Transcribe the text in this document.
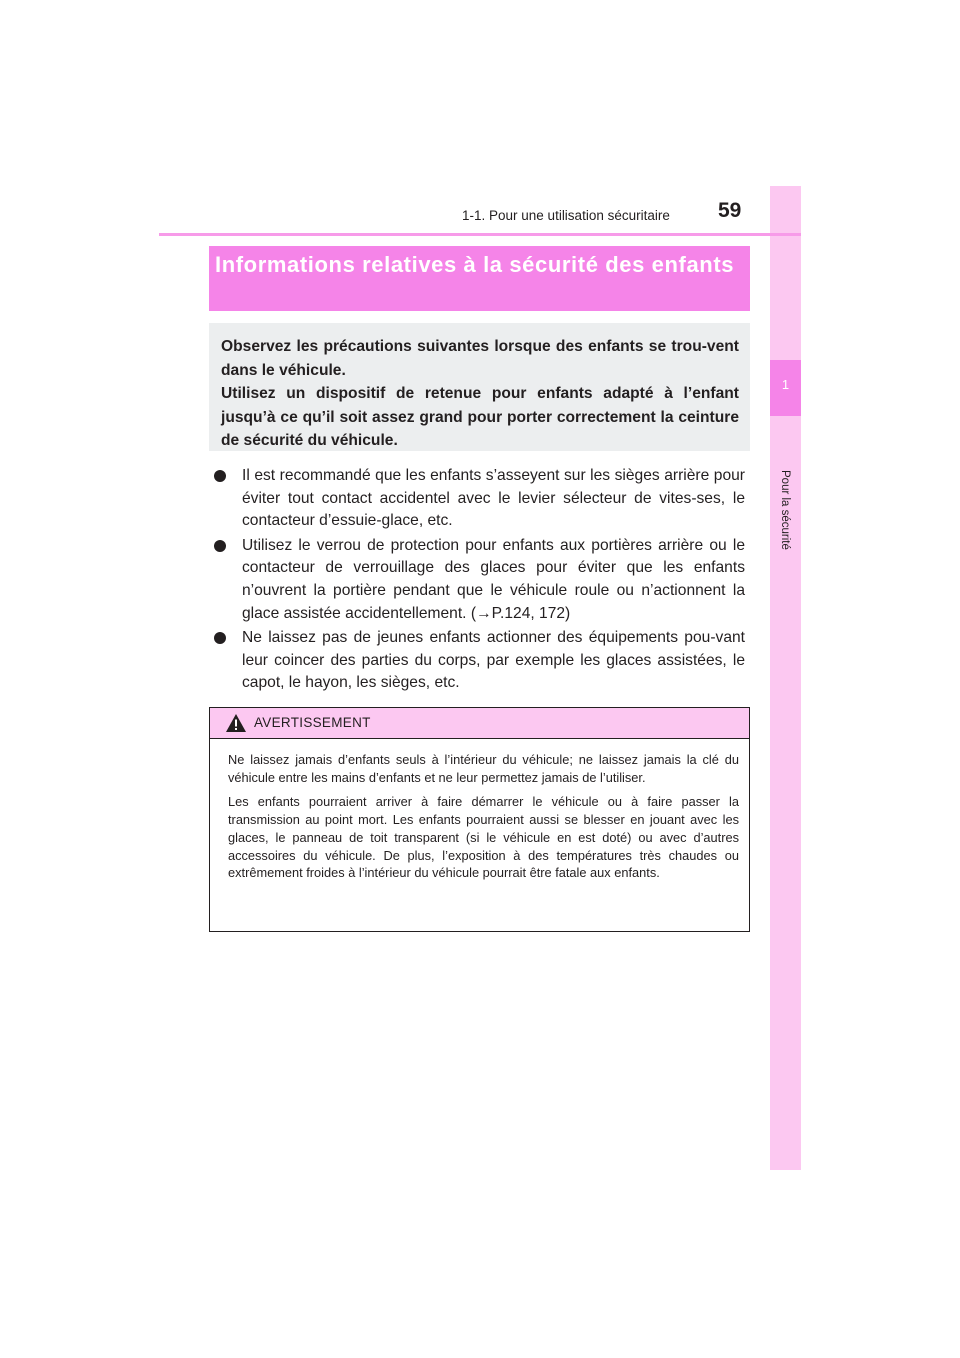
1
Pour la sécurité
1-1. Pour une utilisation sécuritaire 59
Informations relatives à la sécurité des enfants

Observez les précautions suivantes lorsque des enfants se trou-vent dans le véhicule.

Utilisez un dispositif de retenue pour enfants adapté à l’enfant jusqu’à ce qu’il soit assez grand pour porter correctement la ceinture de sécurité du véhicule.

Il est recommandé que les enfants s’asseyent sur les sièges arrière pour éviter tout contact accidentel avec le levier sélecteur de vites-ses, le contacteur d’essuie-glace, etc.
Utilisez le verrou de protection pour enfants aux portières arrière ou le contacteur de verrouillage des glaces pour éviter que les enfants n’ouvrent la portière pendant que le véhicule roule ou n’actionnent la glace assistée accidentellement. (→P.124, 172)
Ne laissez pas de jeunes enfants actionner des équipements pou-vant leur coincer des parties du corps, par exemple les glaces assistées, le capot, le hayon, les sièges, etc.
AVERTISSEMENT

Ne laissez jamais d’enfants seuls à l’intérieur du véhicule; ne laissez jamais la clé du véhicule entre les mains d’enfants et ne leur permettez jamais de l’utiliser.

Les enfants pourraient arriver à faire démarrer le véhicule ou à faire passer la transmission au point mort. Les enfants pourraient aussi se blesser en jouant avec les glaces, le panneau de toit transparent (si le véhicule en est doté) ou avec d’autres accessoires du véhicule. De plus, l’exposition à des températures très chaudes ou extrêmement froides à l’intérieur du véhicule pourrait être fatale aux enfants.
